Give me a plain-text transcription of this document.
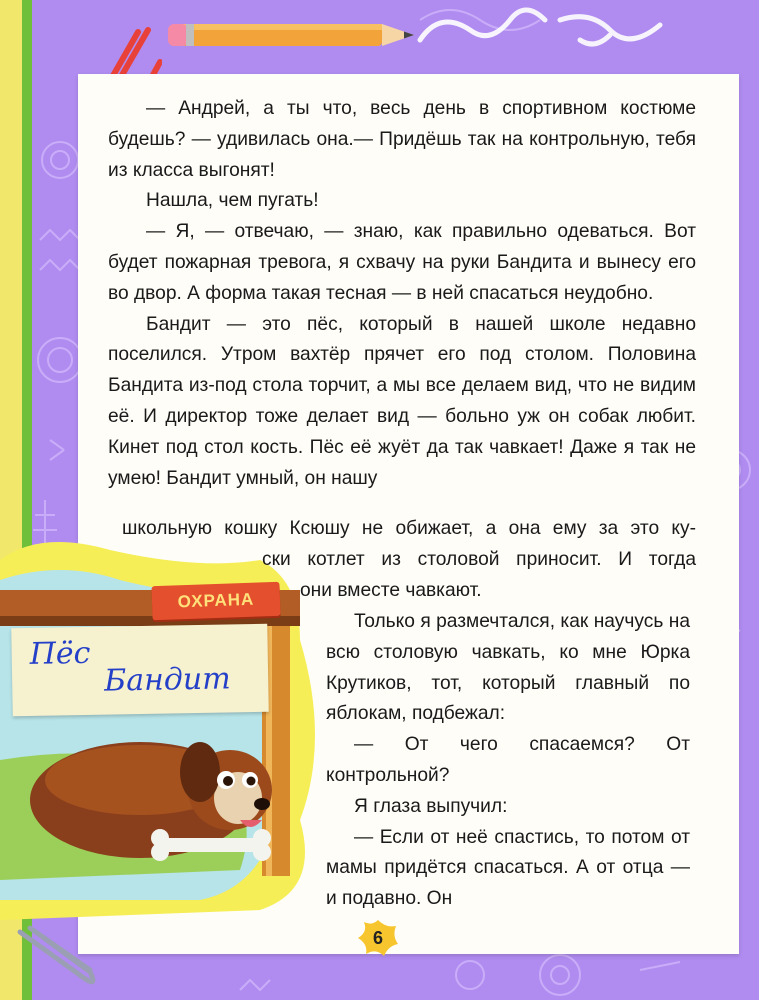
— Андрей, а ты что, весь день в спортивном костюме будешь? — удивилась она.— Придёшь так на контрольную, тебя из класса выгонят!

Нашла, чем пугать!

— Я, — отвечаю, — знаю, как правильно одеваться. Вот будет пожарная тревога, я схвачу на руки Бандита и вынесу его во двор. А форма такая тесная — в ней спасаться неудобно.

Бандит — это пёс, который в нашей школе недавно поселился. Утром вахтёр прячет его под столом. Половина Бандита из-под стола торчит, а мы все делаем вид, что не видим её. И директор тоже делает вид — больно уж он собак любит. Кинет под стол кость. Пёс её жуёт да так чавкает! Даже я так не умею! Бандит умный, он нашу

ОХРАНА
Пёс
Бандит
школьную кошку Ксюшу не обижает, а она ему за это ку-
ски котлет из столовой приносит. И тогда
они вместе чавкают.

Только я размечтался, как научусь на всю столовую чавкать, ко мне Юрка Крутиков, тот, который главный по яблокам, подбежал:

— От чего спасаемся? От контрольной?

Я глаза выпучил:

— Если от неё спастись, то потом от мамы придётся спасаться. А от отца — и подавно. Он

6
